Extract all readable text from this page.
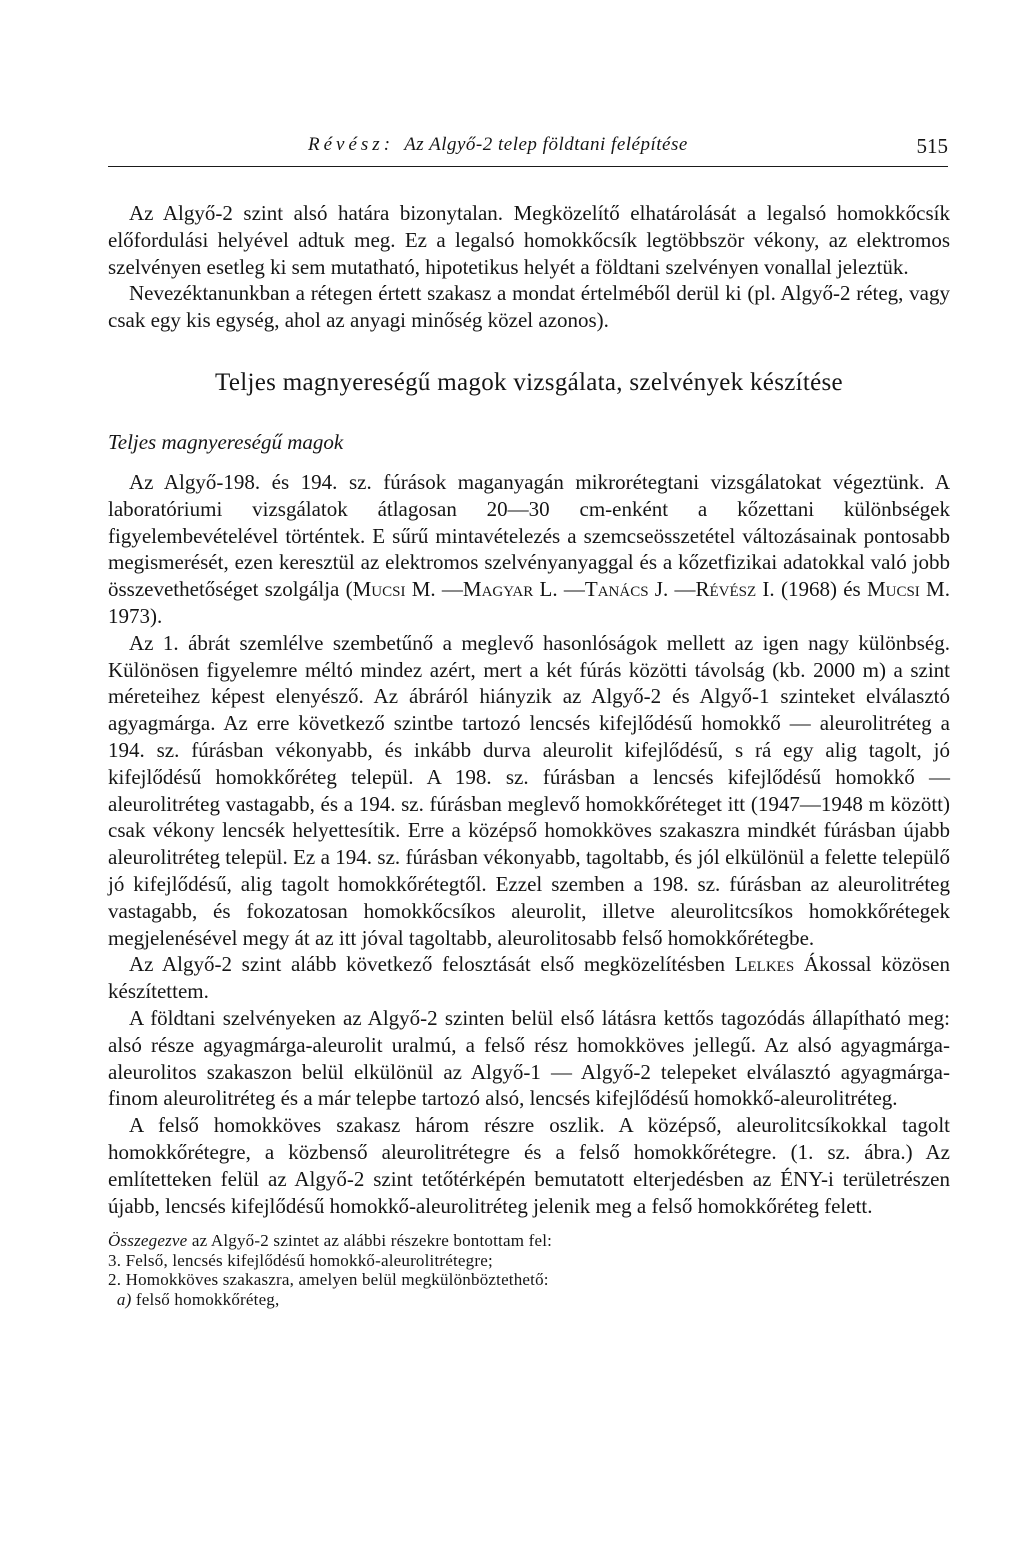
Révész: Az Algyő-2 telep földtani felépítése	515

Az Algyő-2 szint alsó határa bizonytalan. Megközelítő elhatárolását a legalsó homokkőcsík előfordulási helyével adtuk meg. Ez a legalsó homokkőcsík legtöbbször vékony, az elektromos szelvényen esetleg ki sem mutatható, hipotetikus helyét a földtani szelvényen vonallal jeleztük.

Nevezéktanunkban a rétegen értett szakasz a mondat értelméből derül ki (pl. Algyő-2 réteg, vagy csak egy kis egység, ahol az anyagi minőség közel azonos).

Teljes magnyereségű magok vizsgálata, szelvények készítése
Teljes magnyereségű magok

Az Algyő-198. és 194. sz. fúrások maganyagán mikrorétegtani vizsgálatokat végeztünk. A laboratóriumi vizsgálatok átlagosan 20—30 cm-enként a kőzettani különbségek figyelembevételével történtek. E sűrű mintavételezés a szemcseösszetétel változásainak pontosabb megismerését, ezen keresztül az elektromos szelvényanyaggal és a kőzetfizikai adatokkal való jobb összevethetőséget szolgálja (Mucsi M. —Magyar L. —Tanács J. —Révész I. (1968) és Mucsi M. 1973).

Az 1. ábrát szemlélve szembetűnő a meglevő hasonlóságok mellett az igen nagy különbség. Különösen figyelemre méltó mindez azért, mert a két fúrás közötti távolság (kb. 2000 m) a szint méreteihez képest elenyésző. Az ábráról hiányzik az Algyő-2 és Algyő-1 szinteket elválasztó agyagmárga. Az erre következő szintbe tartozó lencsés kifejlődésű homokkő — aleurolitréteg a 194. sz. fúrásban vékonyabb, és inkább durva aleurolit kifejlődésű, s rá egy alig tagolt, jó kifejlődésű homokkőréteg települ. A 198. sz. fúrásban a lencsés kifejlődésű homokkő — aleurolitréteg vastagabb, és a 194. sz. fúrásban meglevő homokkőréteget itt (1947—1948 m között) csak vékony lencsék helyettesítik. Erre a középső homokköves szakaszra mindkét fúrásban újabb aleurolitréteg települ. Ez a 194. sz. fúrásban vékonyabb, tagoltabb, és jól elkülönül a felette települő jó kifejlődésű, alig tagolt homokkőrétegtől. Ezzel szemben a 198. sz. fúrásban az aleurolitréteg vastagabb, és fokozatosan homokkőcsíkos aleurolit, illetve aleurolitcsíkos homokkőrétegek megjelenésével megy át az itt jóval tagoltabb, aleurolitosabb felső homokkőrétegbe.

Az Algyő-2 szint alább következő felosztását első megközelítésben Lelkes Ákossal közösen készítettem.

A földtani szelvényeken az Algyő-2 szinten belül első látásra kettős tagozódás állapítható meg: alsó része agyagmárga-aleurolit uralmú, a felső rész homokköves jellegű. Az alsó agyagmárga-aleurolitos szakaszon belül elkülönül az Algyő-1 — Algyő-2 telepeket elválasztó agyagmárga-finom aleurolitréteg és a már telepbe tartozó alsó, lencsés kifejlődésű homokkő-aleurolitréteg.

A felső homokköves szakasz három részre oszlik. A középső, aleurolitcsíkokkal tagolt homokkőrétegre, a közbenső aleurolitrétegre és a felső homokkőrétegre. (1. sz. ábra.) Az említetteken felül az Algyő-2 szint tetőtérképén bemutatott elterjedésben az ÉNY-i területrészen újabb, lencsés kifejlődésű homokkő-aleurolitréteg jelenik meg a felső homokkőréteg felett.

Összegezve az Algyő-2 szintet az alábbi részekre bontottam fel:
3. Felső, lencsés kifejlődésű homokkő-aleurolitrétegre;
2. Homokköves szakaszra, amelyen belül megkülönböztethető:
a) felső homokkőréteg,
